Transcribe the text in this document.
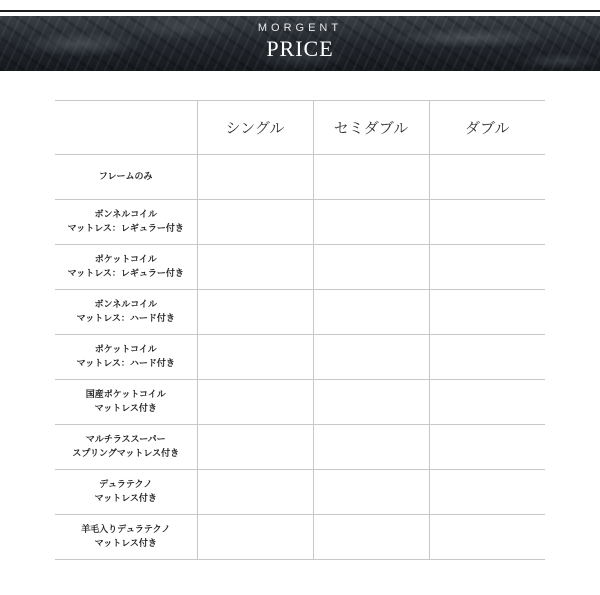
MORGENT
PRICE
	シングル	セミダブル	ダブル

フレームのみ			

ボンネルコイル
マットレス：レギュラー付き			

ポケットコイル
マットレス：レギュラー付き			

ボンネルコイル
マットレス：ハード付き			

ポケットコイル
マットレス：ハード付き			

国産ポケットコイル
マットレス付き			

マルチラススーパー
スプリングマットレス付き			

デュラテクノ
マットレス付き			

羊毛入りデュラテクノ
マットレス付き			
